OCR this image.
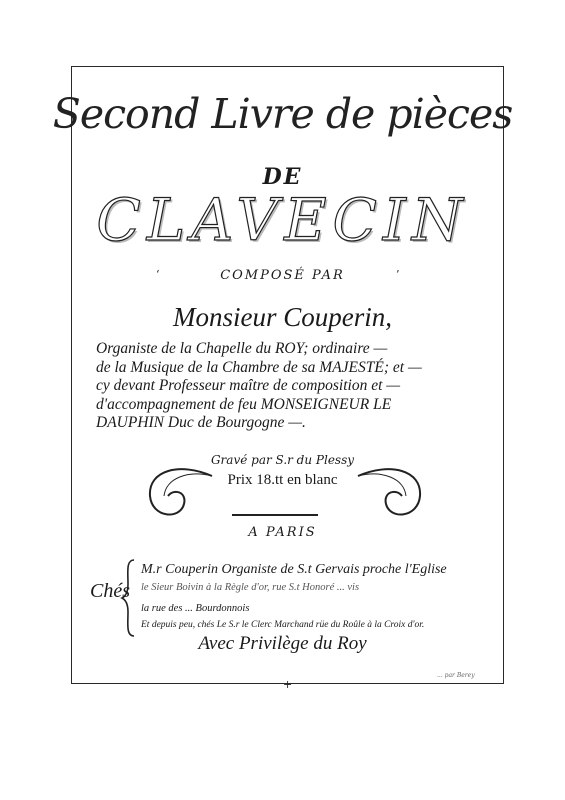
Second Livre de pièces
DE
CLAVECIN
‘	’
COMPOSÉ PAR
Monsieur Couperin,
Organiste de la Chapelle du ROY; ordinaire —
de la Musique de la Chambre de sa MAJESTÉ; et —
cy devant Professeur maître de composition et —
d'accompagnement de feu MONSEIGNEUR LE
DAUPHIN Duc de Bourgogne —.
Gravé par S.r du Plessy
Prix 18.tt en blanc
A PARIS
Chés
M.r Couperin Organiste de S.t Gervais proche l'Eglise
le Sieur Boivin à la Règle d'or, rue S.t Honoré ... vis
la rue des ... Bourdonnois
Et depuis peu, chés Le S.r le Clerc Marchand rüe du Roûle à la Croix d'or.
Avec Privilège du Roy
... par Berey
+
